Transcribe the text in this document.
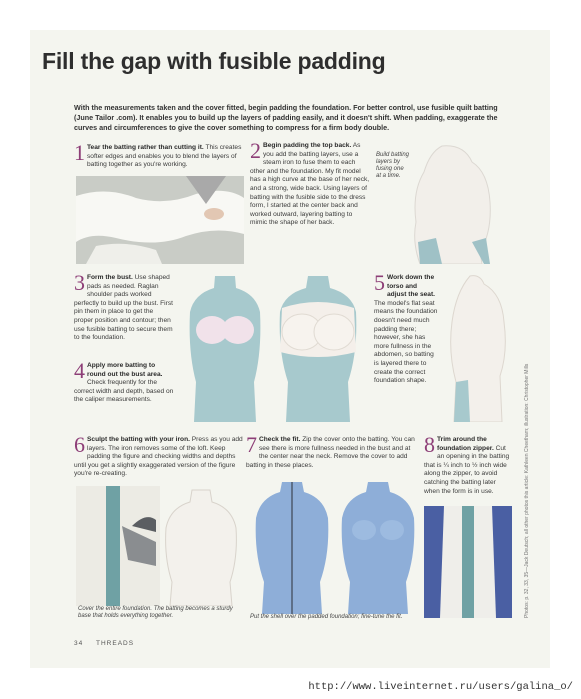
Fill the gap with fusible padding
With the measurements taken and the cover fitted, begin padding the foundation. For better control, use fusible quilt batting (June Tailor .com). It enables you to build up the layers of padding easily, and it doesn't shift. When padding, exaggerate the curves and circumferences to give the cover something to compress for a firm body double.
1 Tear the batting rather than cutting it. This creates softer edges and enables you to blend the layers of batting together as you're working.
2 Begin padding the top back. As you add the batting layers, use a steam iron to fuse them to each other and the foundation. My fit model has a high curve at the base of her neck, and a strong, wide back. Using layers of batting with the fusible side to the dress form, I started at the center back and worked outward, layering batting to mimic the shape of her back.
Build batting layers by fusing one at a time.
3 Form the bust. Use shaped pads as needed. Raglan shoulder pads worked perfectly to build up the bust. First pin them in place to get the proper position and contour; then use fusible batting to secure them to the foundation.
4 Apply more batting to round out the bust area. Check frequently for the correct width and depth, based on the caliper measurements.
5 Work down the torso and adjust the seat. The model's flat seat means the foundation doesn't need much padding there; however, she has more fullness in the abdomen, so batting is layered there to create the correct foundation shape.
6 Sculpt the batting with your iron. Press as you add layers. The iron removes some of the loft. Keep padding the figure and checking widths and depths until you get a slightly exaggerated version of the figure you're re-creating.
Cover the entire foundation. The batting becomes a sturdy base that holds everything together.
7 Check the fit. Zip the cover onto the batting. You can see there is more fullness needed in the bust and at the center near the neck. Remove the cover to add batting in these places.
Put the shell over the padded foundation; fine-tune the fit.
8 Trim around the foundation zipper. Cut an opening in the batting that is ¼ inch to ½ inch wide along the zipper, to avoid catching the batting later when the form is in use.	Photos: p. 32, 33, 35—Jack Deutsch; all other photos this article: Kathleen Cheetham; illustration: Christopher Mills
34 THREADS
http://www.liveinternet.ru/users/galina_o/
